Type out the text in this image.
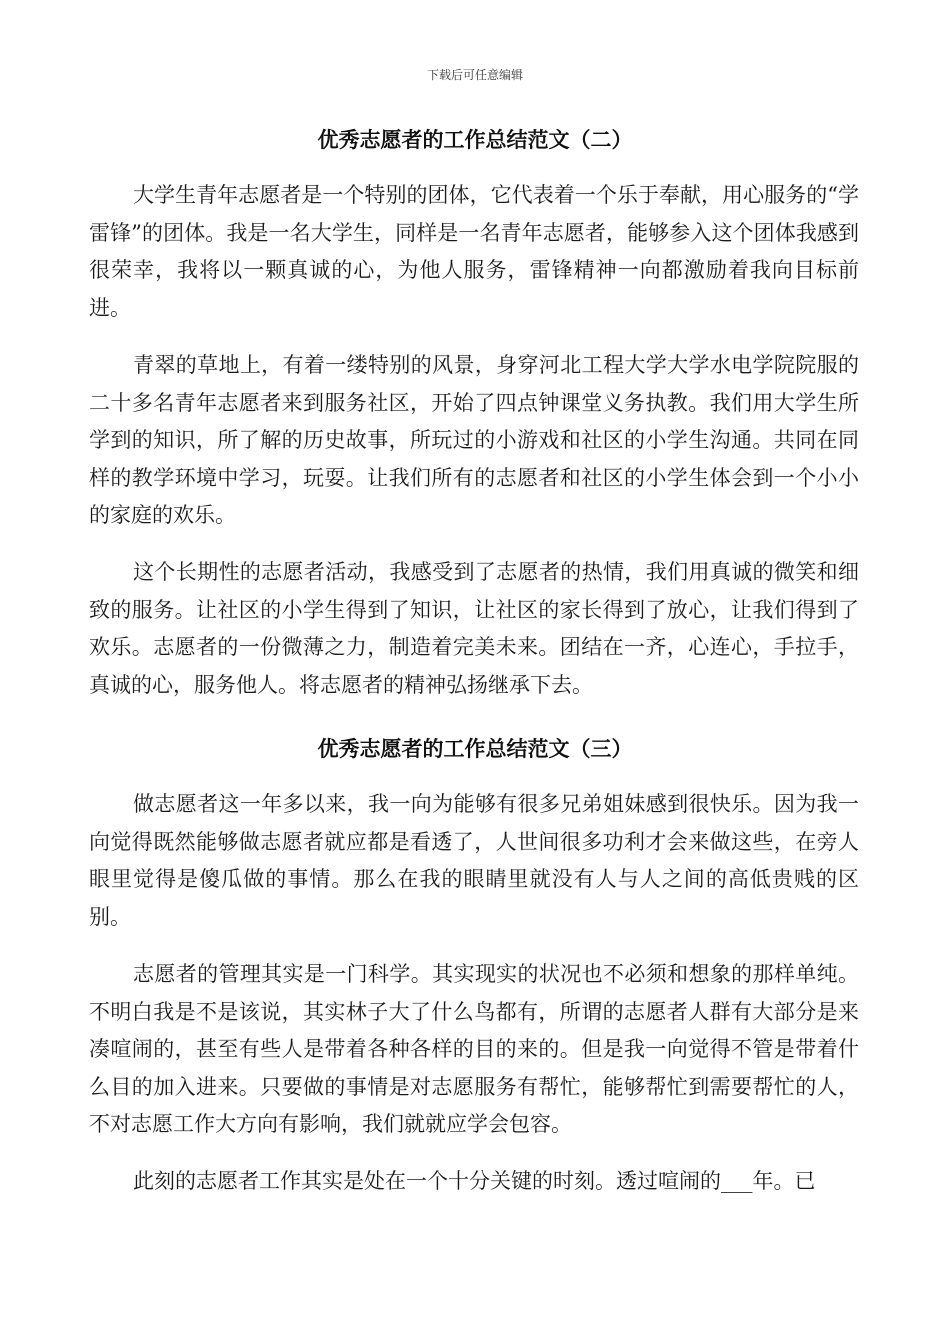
下载后可任意编辑
优秀志愿者的工作总结范文（二）

大学生青年志愿者是一个特别的团体，它代表着一个乐于奉献，用心服务的“学雷锋”的团体。我是一名大学生，同样是一名青年志愿者，能够参入这个团体我感到很荣幸，我将以一颗真诚的心，为他人服务，雷锋精神一向都激励着我向目标前进。

青翠的草地上，有着一缕特别的风景，身穿河北工程大学大学水电学院院服的二十多名青年志愿者来到服务社区，开始了四点钟课堂义务执教。我们用大学生所学到的知识，所了解的历史故事，所玩过的小游戏和社区的小学生沟通。共同在同样的教学环境中学习，玩耍。让我们所有的志愿者和社区的小学生体会到一个小小的家庭的欢乐。

这个长期性的志愿者活动，我感受到了志愿者的热情，我们用真诚的微笑和细致的服务。让社区的小学生得到了知识，让社区的家长得到了放心，让我们得到了欢乐。志愿者的一份微薄之力，制造着完美未来。团结在一齐，心连心，手拉手，真诚的心，服务他人。将志愿者的精神弘扬继承下去。

优秀志愿者的工作总结范文（三）

做志愿者这一年多以来，我一向为能够有很多兄弟姐妹感到很快乐。因为我一向觉得既然能够做志愿者就应都是看透了，人世间很多功利才会来做这些，在旁人眼里觉得是傻瓜做的事情。那么在我的眼睛里就没有人与人之间的高低贵贱的区别。

志愿者的管理其实是一门科学。其实现实的状况也不必须和想象的那样单纯。不明白我是不是该说，其实林子大了什么鸟都有，所谓的志愿者人群有大部分是来凑喧闹的，甚至有些人是带着各种各样的目的来的。但是我一向觉得不管是带着什么目的加入进来。只要做的事情是对志愿服务有帮忙，能够帮忙到需要帮忙的人，不对志愿工作大方向有影响，我们就就应学会包容。

此刻的志愿者工作其实是处在一个十分关键的时刻。透过喧闹的___年。已
